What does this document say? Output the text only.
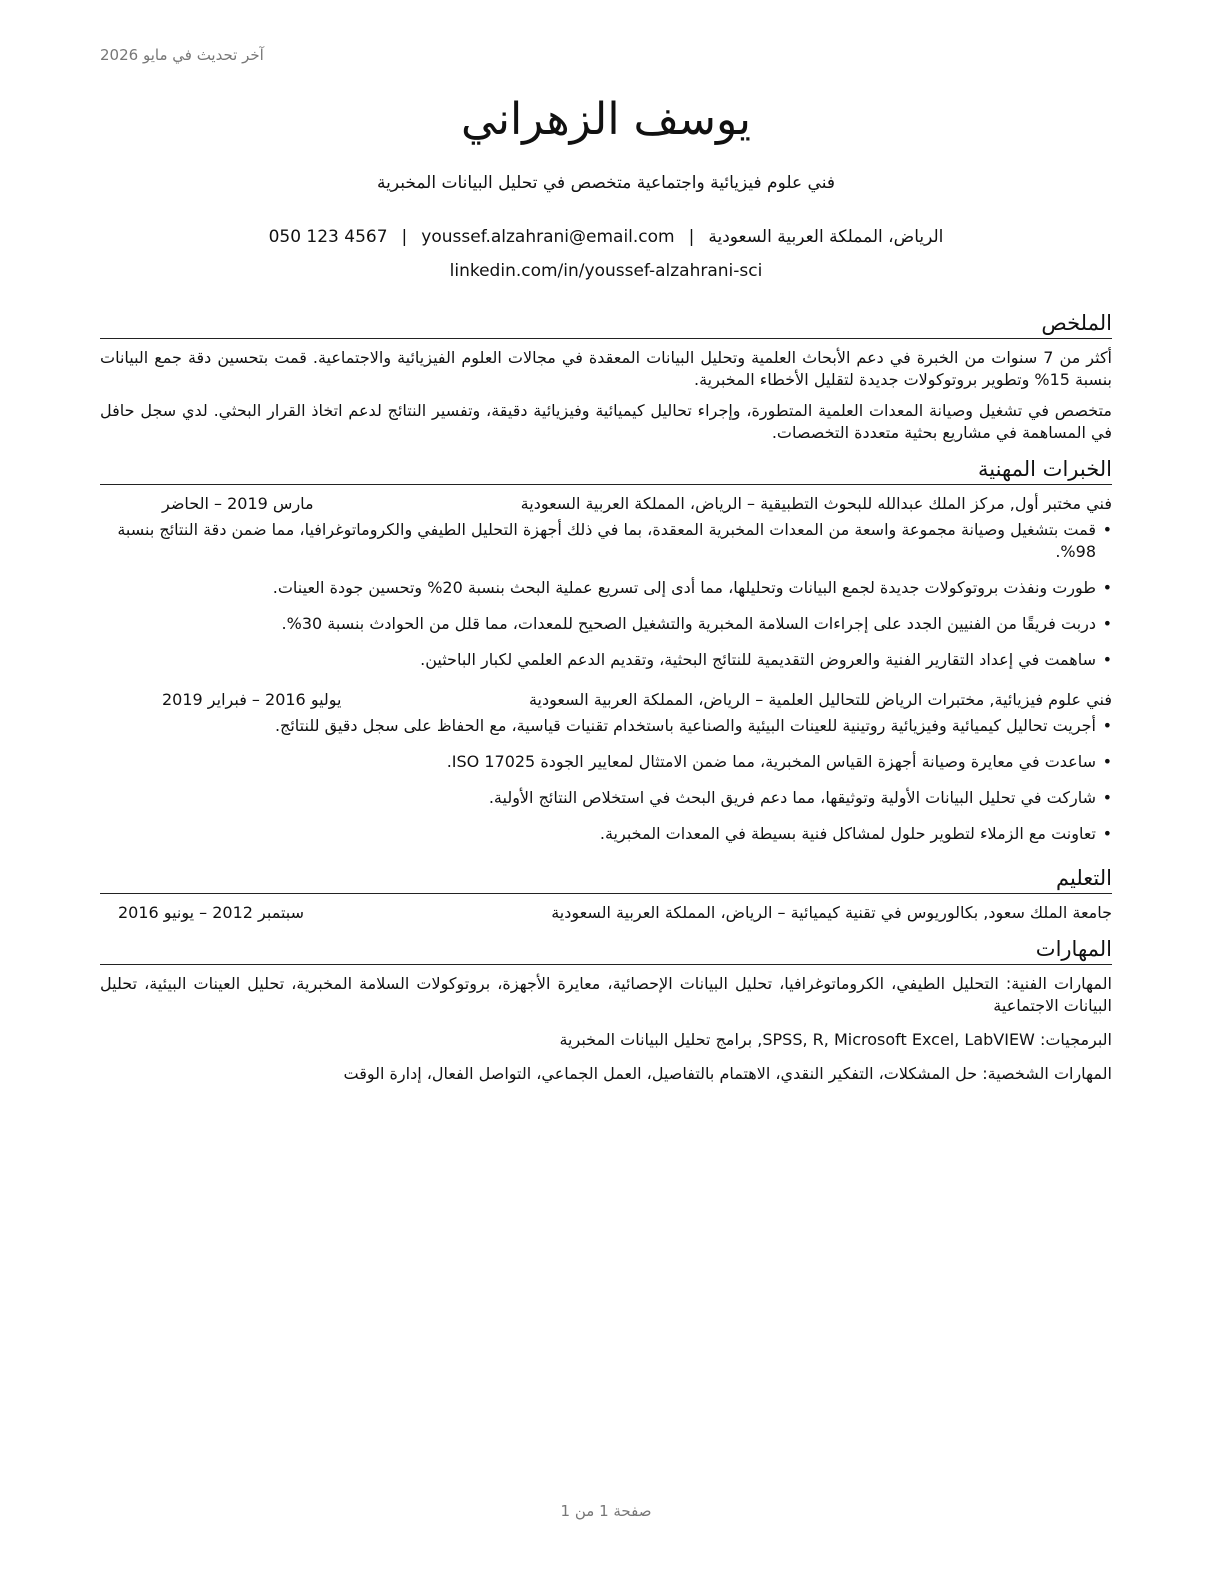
آخر تحديث في مايو 2026
يوسف الزهراني
فني علوم فيزيائية واجتماعية متخصص في تحليل البيانات المخبرية
الرياض، المملكة العربية السعودية|youssef.alzahrani@email.com|050 123 4567
linkedin.com/in/youssef-alzahrani-sci
الملخص

أكثر من 7 سنوات من الخبرة في دعم الأبحاث العلمية وتحليل البيانات المعقدة في مجالات العلوم الفيزيائية والاجتماعية. قمت بتحسين دقة جمع البيانات بنسبة 15% وتطوير بروتوكولات جديدة لتقليل الأخطاء المخبرية.

متخصص في تشغيل وصيانة المعدات العلمية المتطورة، وإجراء تحاليل كيميائية وفيزيائية دقيقة، وتفسير النتائج لدعم اتخاذ القرار البحثي. لدي سجل حافل في المساهمة في مشاريع بحثية متعددة التخصصات.

الخبرات المهنية
فني مختبر أول, مركز الملك عبدالله للبحوث التطبيقية – الرياض، المملكة العربية السعودية
مارس 2019 – الحاضر
•
قمت بتشغيل وصيانة مجموعة واسعة من المعدات المخبرية المعقدة، بما في ذلك أجهزة التحليل الطيفي والكروماتوغرافيا، مما ضمن دقة النتائج بنسبة 98%.
•
طورت ونفذت بروتوكولات جديدة لجمع البيانات وتحليلها، مما أدى إلى تسريع عملية البحث بنسبة 20% وتحسين جودة العينات.
•
دربت فريقًا من الفنيين الجدد على إجراءات السلامة المخبرية والتشغيل الصحيح للمعدات، مما قلل من الحوادث بنسبة 30%.
•
ساهمت في إعداد التقارير الفنية والعروض التقديمية للنتائج البحثية، وتقديم الدعم العلمي لكبار الباحثين.
فني علوم فيزيائية, مختبرات الرياض للتحاليل العلمية – الرياض، المملكة العربية السعودية
يوليو 2016 – فبراير 2019
•
أجريت تحاليل كيميائية وفيزيائية روتينية للعينات البيئية والصناعية باستخدام تقنيات قياسية، مع الحفاظ على سجل دقيق للنتائج.
•
ساعدت في معايرة وصيانة أجهزة القياس المخبرية، مما ضمن الامتثال لمعايير الجودة ISO 17025.
•
شاركت في تحليل البيانات الأولية وتوثيقها، مما دعم فريق البحث في استخلاص النتائج الأولية.
•
تعاونت مع الزملاء لتطوير حلول لمشاكل فنية بسيطة في المعدات المخبرية.
التعليم
جامعة الملك سعود, بكالوريوس في تقنية كيميائية – الرياض، المملكة العربية السعودية
سبتمبر 2012 – يونيو 2016
المهارات

المهارات الفنية: التحليل الطيفي، الكروماتوغرافيا، تحليل البيانات الإحصائية، معايرة الأجهزة، بروتوكولات السلامة المخبرية، تحليل العينات البيئية، تحليل البيانات الاجتماعية

البرمجيات: SPSS, R, Microsoft Excel, LabVIEW, برامج تحليل البيانات المخبرية

المهارات الشخصية: حل المشكلات، التفكير النقدي، الاهتمام بالتفاصيل، العمل الجماعي، التواصل الفعال، إدارة الوقت

صفحة 1 من 1
